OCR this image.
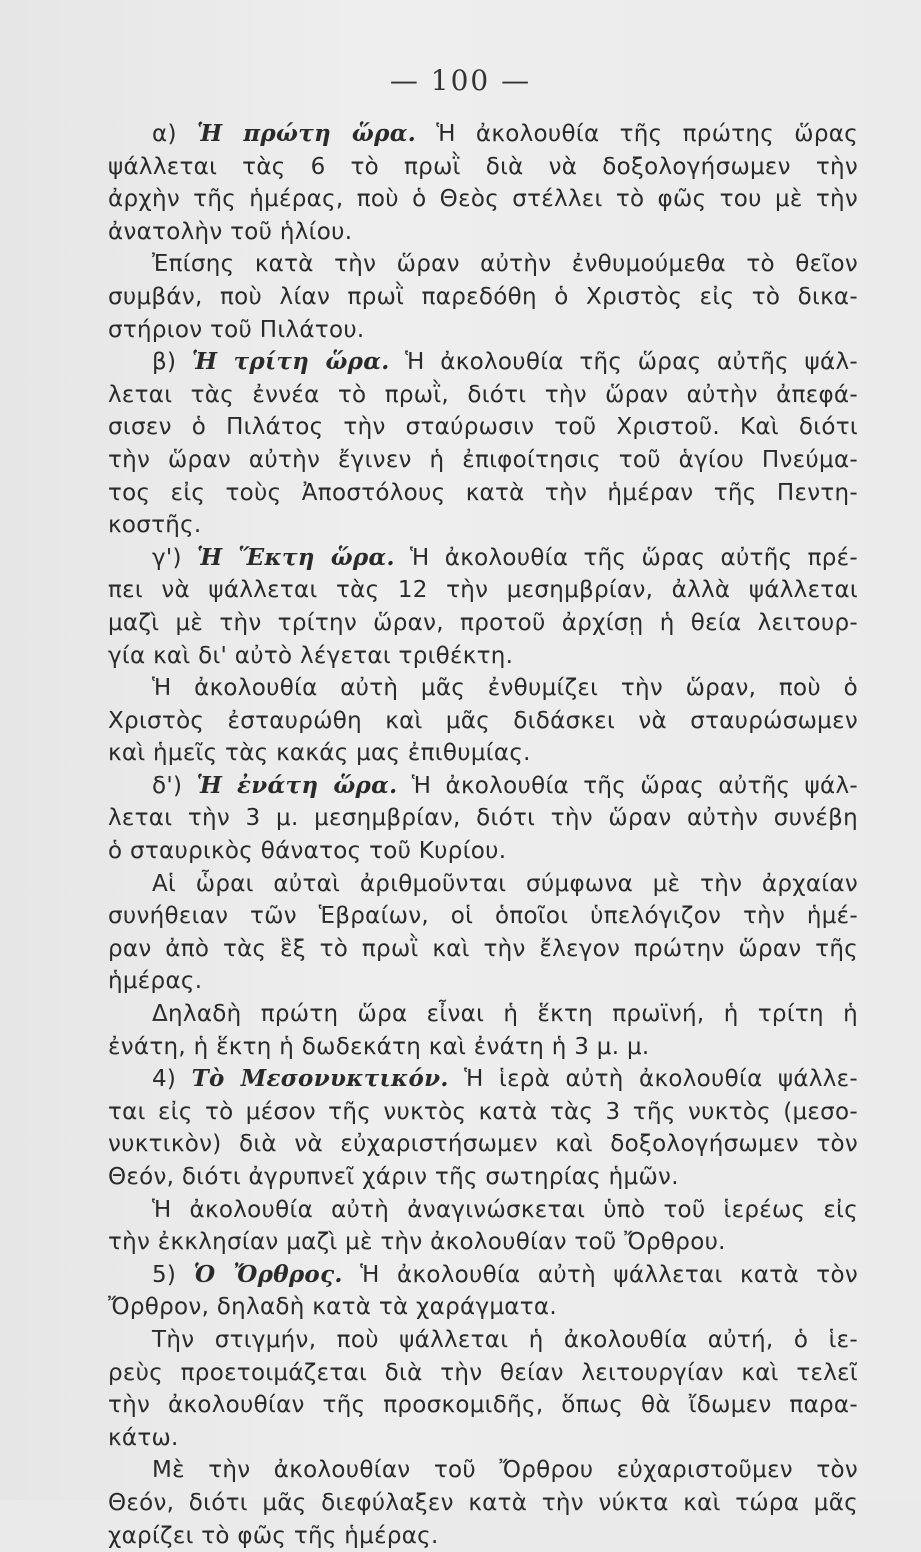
— 100 —
α) Ἡ πρώτη ὥρα. Ἡ ἀκολουθία τῆς πρώτης ὥρας
ψάλλεται τὰς 6 τὸ πρωῒ διὰ νὰ δοξολογήσωμεν τὴν
ἀρχὴν τῆς ἡμέρας, ποὺ ὁ Θεὸς στέλλει τὸ φῶς του μὲ τὴν
ἀνατολὴν τοῦ ἡλίου.
Ἐπίσης κατὰ τὴν ὥραν αὐτὴν ἐνθυμούμεθα τὸ θεῖον
συμβάν, ποὺ λίαν πρωῒ παρεδόθη ὁ Χριστὸς εἰς τὸ δικα-
στήριον τοῦ Πιλάτου.
β) Ἡ τρίτη ὥρα. Ἡ ἀκολουθία τῆς ὥρας αὐτῆς ψάλ-
λεται τὰς ἐννέα τὸ πρωῒ, διότι τὴν ὥραν αὐτὴν ἀπεφά-
σισεν ὁ Πιλάτος τὴν σταύρωσιν τοῦ Χριστοῦ. Καὶ διότι
τὴν ὥραν αὐτὴν ἔγινεν ἡ ἐπιφοίτησις τοῦ ἁγίου Πνεύμα-
τος εἰς τοὺς Ἀποστόλους κατὰ τὴν ἡμέραν τῆς Πεντη-
κοστῆς.
γ') Ἡ Ἕκτη ὥρα. Ἡ ἀκολουθία τῆς ὥρας αὐτῆς πρέ-
πει νὰ ψάλλεται τὰς 12 τὴν μεσημβρίαν, ἀλλὰ ψάλλεται
μαζὶ μὲ τὴν τρίτην ὥραν, προτοῦ ἀρχίσῃ ἡ θεία λειτουρ-
γία καὶ δι' αὐτὸ λέγεται τριθέκτη.
Ἡ ἀκολουθία αὐτὴ μᾶς ἐνθυμίζει τὴν ὥραν, ποὺ ὁ
Χριστὸς ἐσταυρώθη καὶ μᾶς διδάσκει νὰ σταυρώσωμεν
καὶ ἡμεῖς τὰς κακάς μας ἐπιθυμίας.
δ') Ἡ ἐνάτη ὥρα. Ἡ ἀκολουθία τῆς ὥρας αὐτῆς ψάλ-
λεται τὴν 3 μ. μεσημβρίαν, διότι τὴν ὥραν αὐτὴν συνέβη
ὁ σταυρικὸς θάνατος τοῦ Κυρίου.
Αἱ ὧραι αὐταὶ ἀριθμοῦνται σύμφωνα μὲ τὴν ἀρχαίαν
συνήθειαν τῶν Ἑβραίων, οἱ ὁποῖοι ὑπελόγιζον τὴν ἡμέ-
ραν ἀπὸ τὰς ἓξ τὸ πρωῒ καὶ τὴν ἔλεγον πρώτην ὥραν τῆς
ἡμέρας.
Δηλαδὴ πρώτη ὥρα εἶναι ἡ ἕκτη πρωϊνή, ἡ τρίτη ἡ
ἐνάτη, ἡ ἕκτη ἡ δωδεκάτη καὶ ἐνάτη ἡ 3 μ. μ.
4) Τὸ Μεσονυκτικόν. Ἡ ἱερὰ αὐτὴ ἀκολουθία ψάλλε-
ται εἰς τὸ μέσον τῆς νυκτὸς κατὰ τὰς 3 τῆς νυκτὸς (μεσο-
νυκτικὸν) διὰ νὰ εὐχαριστήσωμεν καὶ δοξολογήσωμεν τὸν
Θεόν, διότι ἀγρυπνεῖ χάριν τῆς σωτηρίας ἡμῶν.
Ἡ ἀκολουθία αὐτὴ ἀναγινώσκεται ὑπὸ τοῦ ἱερέως εἰς
τὴν ἐκκλησίαν μαζὶ μὲ τὴν ἀκολουθίαν τοῦ Ὄρθρου.
5) Ὁ Ὄρθρος. Ἡ ἀκολουθία αὐτὴ ψάλλεται κατὰ τὸν
Ὄρθρον, δηλαδὴ κατὰ τὰ χαράγματα.
Τὴν στιγμήν, ποὺ ψάλλεται ἡ ἀκολουθία αὐτή, ὁ ἱε-
ρεὺς προετοιμάζεται διὰ τὴν θείαν λειτουργίαν καὶ τελεῖ
τὴν ἀκολουθίαν τῆς προσκομιδῆς, ὅπως θὰ ἴδωμεν παρα-
κάτω.
Μὲ τὴν ἀκολουθίαν τοῦ Ὄρθρου εὐχαριστοῦμεν τὸν
Θεόν, διότι μᾶς διεφύλαξεν κατὰ τὴν νύκτα καὶ τώρα μᾶς
χαρίζει τὸ φῶς τῆς ἡμέρας.
